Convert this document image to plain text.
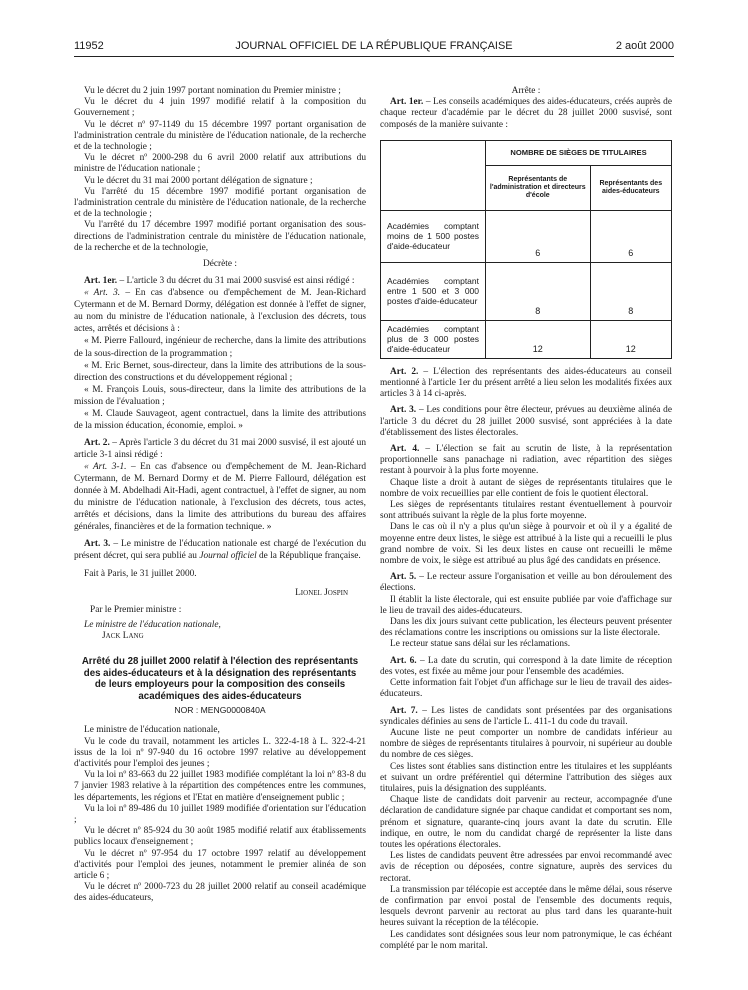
11952	JOURNAL OFFICIEL DE LA RÉPUBLIQUE FRANÇAISE	2 août 2000

Vu le décret du 2 juin 1997 portant nomination du Premier ministre ;

Vu le décret du 4 juin 1997 modifié relatif à la composition du Gouvernement ;

Vu le décret nº 97-1149 du 15 décembre 1997 portant organisation de l'administration centrale du ministère de l'éducation nationale, de la recherche et de la technologie ;

Vu le décret nº 2000-298 du 6 avril 2000 relatif aux attributions du ministre de l'éducation nationale ;

Vu le décret du 31 mai 2000 portant délégation de signature ;

Vu l'arrêté du 15 décembre 1997 modifié portant organisation de l'administration centrale du ministère de l'éducation nationale, de la recherche et de la technologie ;

Vu l'arrêté du 17 décembre 1997 modifié portant organisation des sous-directions de l'administration centrale du ministère de l'éducation nationale, de la recherche et de la technologie,

Décrète :

Art. 1er. – L'article 3 du décret du 31 mai 2000 susvisé est ainsi rédigé :

« Art. 3. – En cas d'absence ou d'empêchement de M. Jean-Richard Cytermann et de M. Bernard Dormy, délégation est donnée à l'effet de signer, au nom du ministre de l'éducation nationale, à l'exclusion des décrets, tous actes, arrêtés et décisions à :

« M. Pierre Fallourd, ingénieur de recherche, dans la limite des attributions de la sous-direction de la programmation ;

« M. Eric Bernet, sous-directeur, dans la limite des attributions de la sous-direction des constructions et du développement régional ;

« M. François Louis, sous-directeur, dans la limite des attributions de la mission de l'évaluation ;

« M. Claude Sauvageot, agent contractuel, dans la limite des attributions de la mission éducation, économie, emploi. »

Art. 2. – Après l'article 3 du décret du 31 mai 2000 susvisé, il est ajouté un article 3-1 ainsi rédigé :

« Art. 3-1. – En cas d'absence ou d'empêchement de M. Jean-Richard Cytermann, de M. Bernard Dormy et de M. Pierre Fallourd, délégation est donnée à M. Abdelhadi Ait-Hadi, agent contractuel, à l'effet de signer, au nom du ministre de l'éducation nationale, à l'exclusion des décrets, tous actes, arrêtés et décisions, dans la limite des attributions du bureau des affaires générales, financières et de la formation technique. »

Art. 3. – Le ministre de l'éducation nationale est chargé de l'exécution du présent décret, qui sera publié au Journal officiel de la République française.

Fait à Paris, le 31 juillet 2000.

Lionel Jospin

Par le Premier ministre :

Le ministre de l'éducation nationale,

Jack Lang

Arrêté du 28 juillet 2000 relatif à l'élection des représentants des aides-éducateurs et à la désignation des représentants de leurs employeurs pour la composition des conseils académiques des aides-éducateurs
NOR : MENG0000840A

Le ministre de l'éducation nationale,

Vu le code du travail, notamment les articles L. 322-4-18 à L. 322-4-21 issus de la loi nº 97-940 du 16 octobre 1997 relative au développement d'activités pour l'emploi des jeunes ;

Vu la loi nº 83-663 du 22 juillet 1983 modifiée complétant la loi nº 83-8 du 7 janvier 1983 relative à la répartition des compétences entre les communes, les départements, les régions et l'Etat en matière d'enseignement public ;

Vu la loi nº 89-486 du 10 juillet 1989 modifiée d'orientation sur l'éducation ;

Vu le décret nº 85-924 du 30 août 1985 modifié relatif aux établissements publics locaux d'enseignement ;

Vu le décret nº 97-954 du 17 octobre 1997 relatif au développement d'activités pour l'emploi des jeunes, notamment le premier alinéa de son article 6 ;

Vu le décret nº 2000-723 du 28 juillet 2000 relatif au conseil académique des aides-éducateurs,

Arrête :

Art. 1er. – Les conseils académiques des aides-éducateurs, créés auprès de chaque recteur d'académie par le décret du 28 juillet 2000 susvisé, sont composés de la manière suivante :

	NOMBRE DE SIÈGES DE TITULAIRES	
	Représentants de l'administration et directeurs d'école	Représentants des aides-éducateurs
Académies comptant moins de 1 500 postes d'aide-éducateur	6	6
Académies comptant entre 1 500 et 3 000 postes d'aide-éducateur	8	8
Académies comptant plus de 3 000 postes d'aide-éducateur	12	12

Art. 2. – L'élection des représentants des aides-éducateurs au conseil mentionné à l'article 1er du présent arrêté a lieu selon les modalités fixées aux articles 3 à 14 ci-après.

Art. 3. – Les conditions pour être électeur, prévues au deuxième alinéa de l'article 3 du décret du 28 juillet 2000 susvisé, sont appréciées à la date d'établissement des listes électorales.

Art. 4. – L'élection se fait au scrutin de liste, à la représentation proportionnelle sans panachage ni radiation, avec répartition des sièges restant à pourvoir à la plus forte moyenne.

Chaque liste a droit à autant de sièges de représentants titulaires que le nombre de voix recueillies par elle contient de fois le quotient électoral.

Les sièges de représentants titulaires restant éventuellement à pourvoir sont attribués suivant la règle de la plus forte moyenne.

Dans le cas où il n'y a plus qu'un siège à pourvoir et où il y a égalité de moyenne entre deux listes, le siège est attribué à la liste qui a recueilli le plus grand nombre de voix. Si les deux listes en cause ont recueilli le même nombre de voix, le siège est attribué au plus âgé des candidats en présence.

Art. 5. – Le recteur assure l'organisation et veille au bon déroulement des élections.

Il établit la liste électorale, qui est ensuite publiée par voie d'affichage sur le lieu de travail des aides-éducateurs.

Dans les dix jours suivant cette publication, les électeurs peuvent présenter des réclamations contre les inscriptions ou omissions sur la liste électorale.

Le recteur statue sans délai sur les réclamations.

Art. 6. – La date du scrutin, qui correspond à la date limite de réception des votes, est fixée au même jour pour l'ensemble des académies.

Cette information fait l'objet d'un affichage sur le lieu de travail des aides-éducateurs.

Art. 7. – Les listes de candidats sont présentées par des organisations syndicales définies au sens de l'article L. 411-1 du code du travail.

Aucune liste ne peut comporter un nombre de candidats inférieur au nombre de sièges de représentants titulaires à pourvoir, ni supérieur au double du nombre de ces sièges.

Ces listes sont établies sans distinction entre les titulaires et les suppléants et suivant un ordre préférentiel qui détermine l'attribution des sièges aux titulaires, puis la désignation des suppléants.

Chaque liste de candidats doit parvenir au recteur, accompagnée d'une déclaration de candidature signée par chaque candidat et comportant ses nom, prénom et signature, quarante-cinq jours avant la date du scrutin. Elle indique, en outre, le nom du candidat chargé de représenter la liste dans toutes les opérations électorales.

Les listes de candidats peuvent être adressées par envoi recommandé avec avis de réception ou déposées, contre signature, auprès des services du rectorat.

La transmission par télécopie est acceptée dans le même délai, sous réserve de confirmation par envoi postal de l'ensemble des documents requis, lesquels devront parvenir au rectorat au plus tard dans les quarante-huit heures suivant la réception de la télécopie.

Les candidates sont désignées sous leur nom patronymique, le cas échéant complété par le nom marital.
